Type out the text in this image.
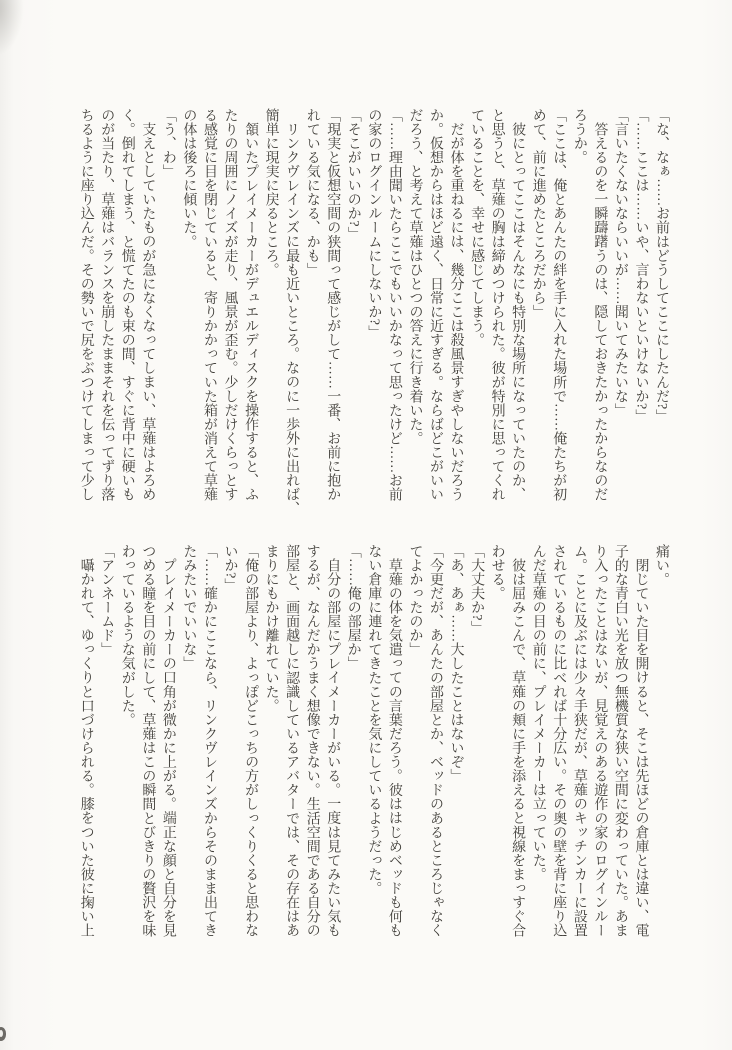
「な、なぁ……お前はどうしてここにしたんだ?」
「……ここは……いや、言わないといけないか?」
「言いたくないならいいが……聞いてみたいな」
答えるのを一瞬躊躇うのは、隠しておきたかったからなのだ
ろうか。
「ここは、俺とあんたの絆を手に入れた場所で……俺たちが初
めて、前に進めたところだから」
彼にとってここはそんなにも特別な場所になっていたのか、
と思うと、草薙の胸は締めつけられた。彼が特別に思ってくれ
ていることを、幸せに感じてしまう。
だが体を重ねるには、幾分ここは殺風景すぎやしないだろう
か。仮想からはほど遠く、日常に近すぎる。ならばどこがいい
だろう、と考えて草薙はひとつの答えに行き着いた。
「……理由聞いたらここでもいいかなって思ったけど……お前
の家のログインルームにしないか?」
「そこがいいのか?」
「現実と仮想空間の狭間って感じがして……一番、お前に抱か
れている気になる、かも」
リンクヴレインズに最も近いところ。なのに一歩外に出れば、
簡単に現実に戻るところ。
頷いたプレイメーカーがデュエルディスクを操作すると、ふ
たりの周囲にノイズが走り、風景が歪む。少しだけくらっとす
る感覚に目を閉じていると、寄りかかっていた箱が消えて草薙
の体は後ろに傾いた。
「う、わ」
支えとしていたものが急になくなってしまい、草薙はよろめ
く。倒れてしまう、と慌てたのも束の間、すぐに背中に硬いも
のが当たり、草薙はバランスを崩したままそれを伝ってずり落
ちるように座り込んだ。その勢いで尻をぶつけてしまって少し
痛い。
閉じていた目を開けると、そこは先ほどの倉庫とは違い、電
子的な青白い光を放つ無機質な狭い空間に変わっていた。あま
り入ったことはないが、見覚えのある遊作の家のログインルー
ム。ことに及ぶには少々手狭だが、草薙のキッチンカーに設置
されているものに比べれば十分広い。その奥の壁を背に座り込
んだ草薙の目の前に、プレイメーカーは立っていた。
彼は屈みこんで、草薙の頬に手を添えると視線をまっすぐ合
わせる。
「大丈夫か?」
「あ、あぁ……大したことはないぞ」
「今更だが、あんたの部屋とか、ベッドのあるところじゃなく
てよかったのか」
草薙の体を気遣っての言葉だろう。彼ははじめベッドも何も
ない倉庫に連れてきたことを気にしているようだった。
「……俺の部屋か」
自分の部屋にプレイメーカーがいる。一度は見てみたい気も
するが、なんだかうまく想像できない。生活空間である自分の
部屋と、画面越しに認識しているアバターでは、その存在はあ
まりにもかけ離れていた。
「俺の部屋より、よっぽどこっちの方がしっくりくると思わな
いか?」
「……確かにここなら、リンクヴレインズからそのまま出てき
たみたいでいいな」
プレイメーカーの口角が微かに上がる。端正な顔と自分を見
つめる瞳を目の前にして、草薙はこの瞬間とびきりの贅沢を味
わっているような気がした。
「アンネームド」
囁かれて、ゆっくりと口づけられる。膝をついた彼に掬い上
